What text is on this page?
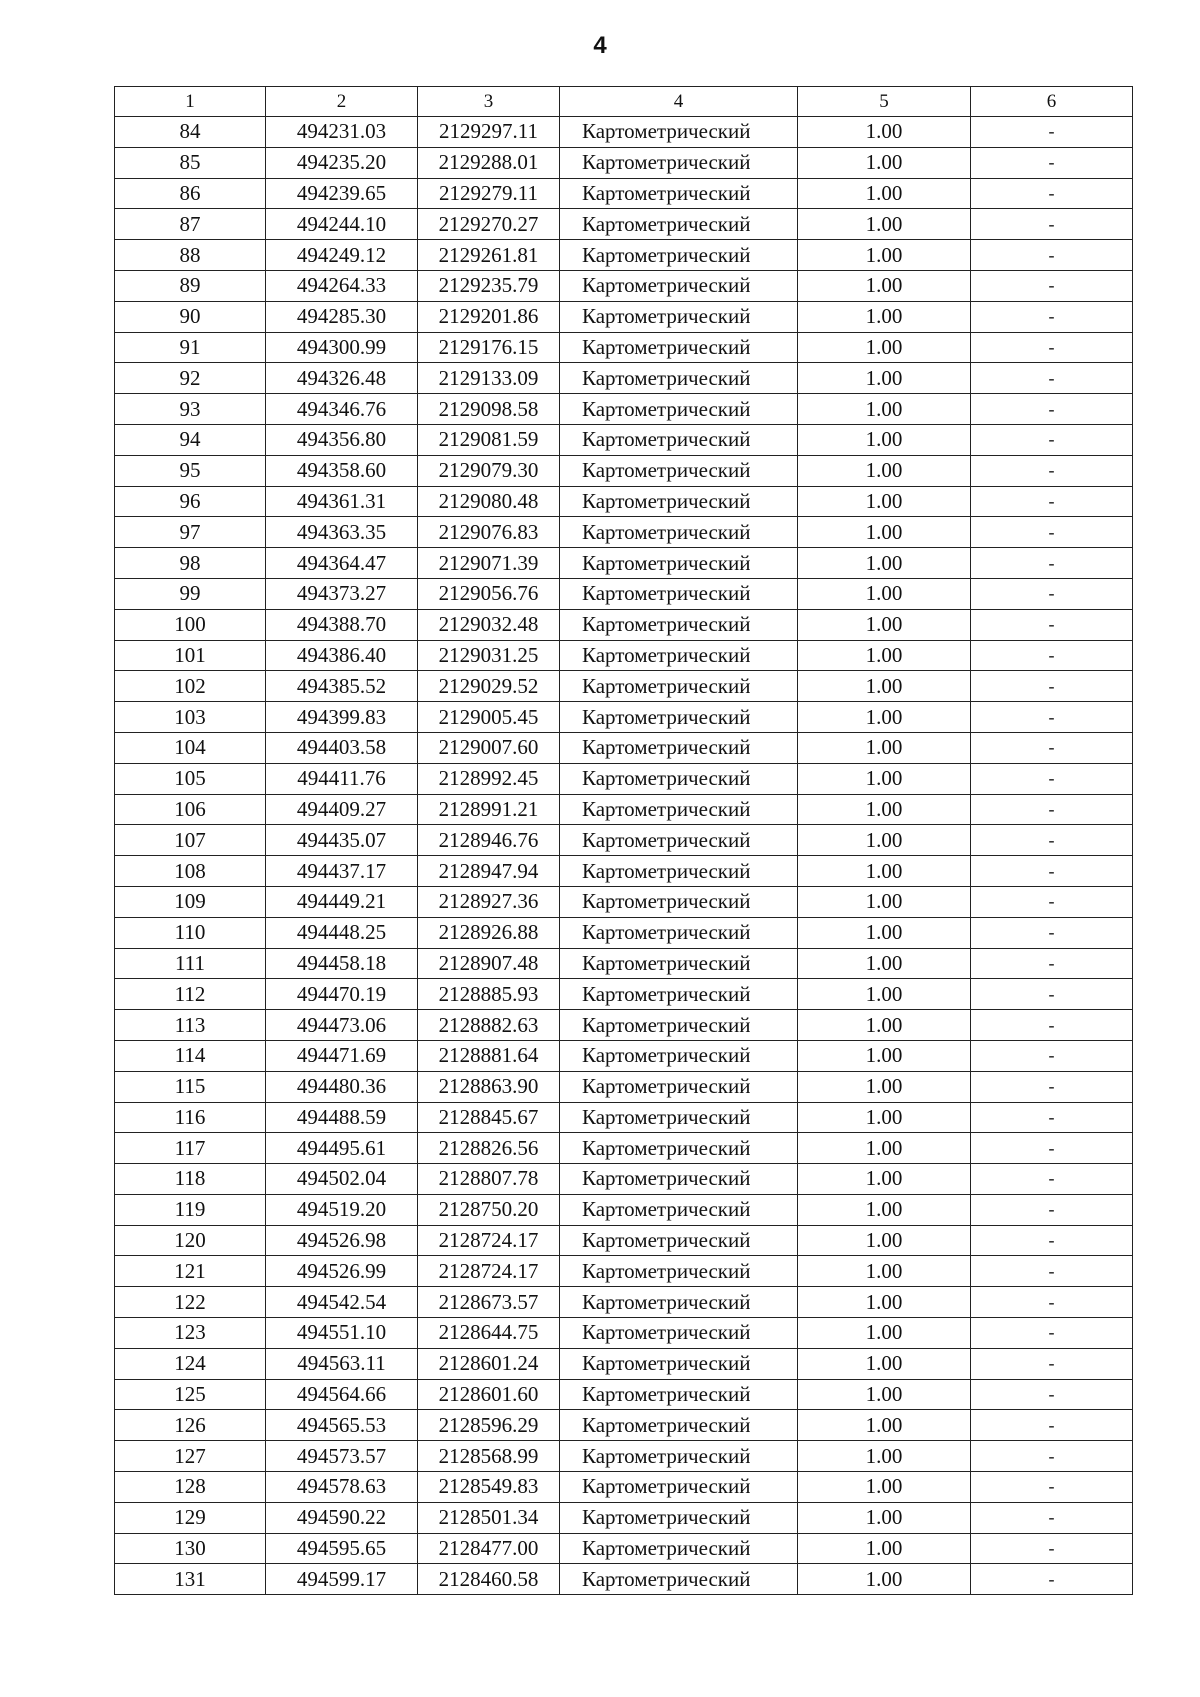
4
1	2	3	4	5	6
84	494231.03	2129297.11	Картометрический	1.00	-
85	494235.20	2129288.01	Картометрический	1.00	-
86	494239.65	2129279.11	Картометрический	1.00	-
87	494244.10	2129270.27	Картометрический	1.00	-
88	494249.12	2129261.81	Картометрический	1.00	-
89	494264.33	2129235.79	Картометрический	1.00	-
90	494285.30	2129201.86	Картометрический	1.00	-
91	494300.99	2129176.15	Картометрический	1.00	-
92	494326.48	2129133.09	Картометрический	1.00	-
93	494346.76	2129098.58	Картометрический	1.00	-
94	494356.80	2129081.59	Картометрический	1.00	-
95	494358.60	2129079.30	Картометрический	1.00	-
96	494361.31	2129080.48	Картометрический	1.00	-
97	494363.35	2129076.83	Картометрический	1.00	-
98	494364.47	2129071.39	Картометрический	1.00	-
99	494373.27	2129056.76	Картометрический	1.00	-
100	494388.70	2129032.48	Картометрический	1.00	-
101	494386.40	2129031.25	Картометрический	1.00	-
102	494385.52	2129029.52	Картометрический	1.00	-
103	494399.83	2129005.45	Картометрический	1.00	-
104	494403.58	2129007.60	Картометрический	1.00	-
105	494411.76	2128992.45	Картометрический	1.00	-
106	494409.27	2128991.21	Картометрический	1.00	-
107	494435.07	2128946.76	Картометрический	1.00	-
108	494437.17	2128947.94	Картометрический	1.00	-
109	494449.21	2128927.36	Картометрический	1.00	-
110	494448.25	2128926.88	Картометрический	1.00	-
111	494458.18	2128907.48	Картометрический	1.00	-
112	494470.19	2128885.93	Картометрический	1.00	-
113	494473.06	2128882.63	Картометрический	1.00	-
114	494471.69	2128881.64	Картометрический	1.00	-
115	494480.36	2128863.90	Картометрический	1.00	-
116	494488.59	2128845.67	Картометрический	1.00	-
117	494495.61	2128826.56	Картометрический	1.00	-
118	494502.04	2128807.78	Картометрический	1.00	-
119	494519.20	2128750.20	Картометрический	1.00	-
120	494526.98	2128724.17	Картометрический	1.00	-
121	494526.99	2128724.17	Картометрический	1.00	-
122	494542.54	2128673.57	Картометрический	1.00	-
123	494551.10	2128644.75	Картометрический	1.00	-
124	494563.11	2128601.24	Картометрический	1.00	-
125	494564.66	2128601.60	Картометрический	1.00	-
126	494565.53	2128596.29	Картометрический	1.00	-
127	494573.57	2128568.99	Картометрический	1.00	-
128	494578.63	2128549.83	Картометрический	1.00	-
129	494590.22	2128501.34	Картометрический	1.00	-
130	494595.65	2128477.00	Картометрический	1.00	-
131	494599.17	2128460.58	Картометрический	1.00	-
